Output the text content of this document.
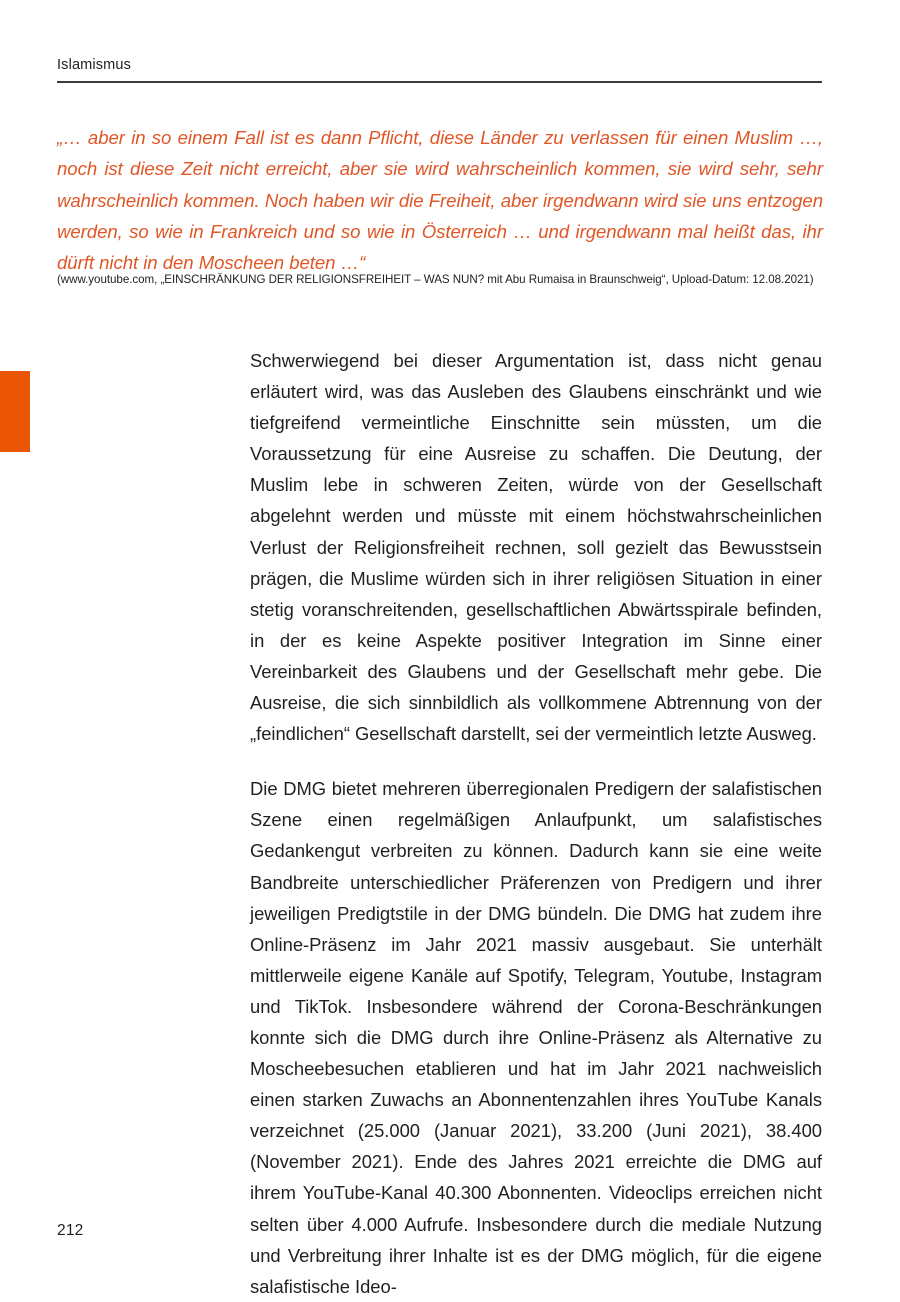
Islamismus
„… aber in so einem Fall ist es dann Pflicht, diese Länder zu verlassen für einen Muslim …, noch ist diese Zeit nicht erreicht, aber sie wird wahrscheinlich kommen, sie wird sehr, sehr wahrscheinlich kommen. Noch haben wir die Freiheit, aber irgendwann wird sie uns entzogen werden, so wie in Frankreich und so wie in Österreich … und irgendwann mal heißt das, ihr dürft nicht in den Moscheen beten …“
(www.youtube.com, „EINSCHRÄNKUNG DER RELIGIONSFREIHEIT – WAS NUN? mit Abu Rumaisa in Braunschweig“, Upload-Datum: 12.08.2021)

Schwerwiegend bei dieser Argumentation ist, dass nicht genau erläutert wird, was das Ausleben des Glaubens einschränkt und wie tiefgreifend vermeintliche Einschnitte sein müssten, um die Voraussetzung für eine Ausreise zu schaffen. Die Deutung, der Muslim lebe in schweren Zeiten, würde von der Gesellschaft abgelehnt werden und müsste mit einem höchstwahrscheinlichen Verlust der Religionsfreiheit rechnen, soll gezielt das Bewusstsein prägen, die Muslime würden sich in ihrer religiösen Situation in einer stetig voranschreitenden, gesellschaftlichen Abwärtsspirale befinden, in der es keine Aspekte positiver Integration im Sinne einer Vereinbarkeit des Glaubens und der Gesellschaft mehr gebe. Die Ausreise, die sich sinnbildlich als vollkommene Abtrennung von der „feindlichen“ Gesellschaft darstellt, sei der vermeintlich letzte Ausweg.

Die DMG bietet mehreren überregionalen Predigern der salafistischen Szene einen regelmäßigen Anlaufpunkt, um salafistisches Gedankengut verbreiten zu können. Dadurch kann sie eine weite Bandbreite unterschiedlicher Präferenzen von Predigern und ihrer jeweiligen Predigtstile in der DMG bündeln. Die DMG hat zudem ihre Online-Präsenz im Jahr 2021 massiv ausgebaut. Sie unterhält mittlerweile eigene Kanäle auf Spotify, Telegram, Youtube, Instagram und TikTok. Insbesondere während der Corona-Beschränkungen konnte sich die DMG durch ihre Online-Präsenz als Alternative zu Moscheebesuchen etablieren und hat im Jahr 2021 nachweislich einen starken Zuwachs an Abonnentenzahlen ihres YouTube Kanals verzeichnet (25.000 (Januar 2021), 33.200 (Juni 2021), 38.400 (November 2021). Ende des Jahres 2021 erreichte die DMG auf ihrem YouTube-Kanal 40.300 Abonnenten. Videoclips erreichen nicht selten über 4.000 Aufrufe. Insbesondere durch die mediale Nutzung und Verbreitung ihrer Inhalte ist es der DMG möglich, für die eigene salafistische Ideo-

212
